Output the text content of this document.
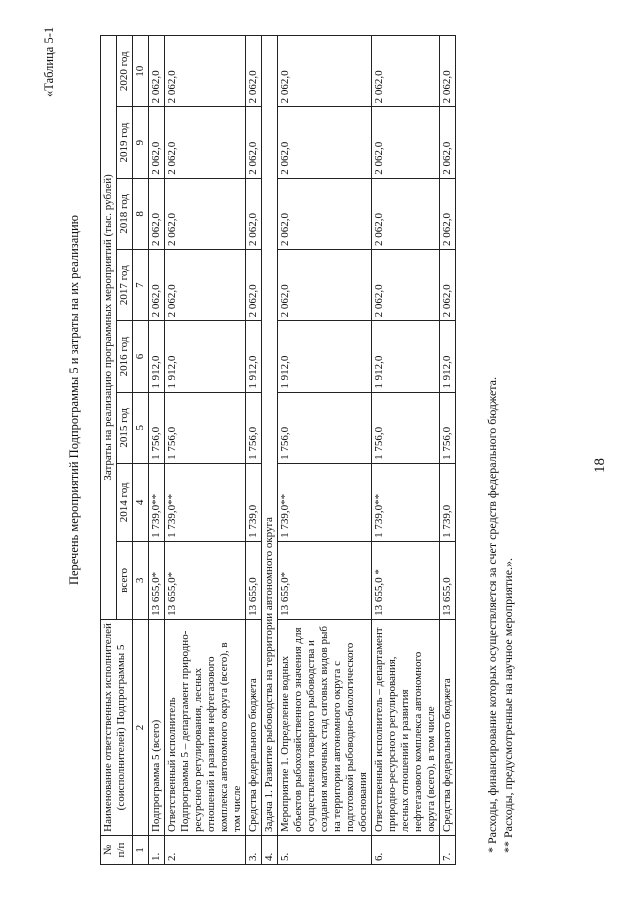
18
«Таблица 5-1
Перечень мероприятий Подпрограммы 5 и затраты на их реализацию
№ п/п	Наименование ответственных исполнителей (соисполнителей) Подпрограммы 5	Затраты на реализацию программных мероприятий (тыс. рублей)							
		всего	2014 год	2015 год	2016 год	2017 год	2018 год	2019 год	2020 год
1	2	3	4	5	6	7	8	9	10
1.	Подпрограмма 5 (всего)	13 655,0*	1 739,0**	1 756,0	1 912,0	2 062,0	2 062,0	2 062,0	2 062,0
2.	Ответственный исполнитель Подпрограммы 5 – департамент природно-ресурсного регулирования, лесных отношений и развития нефтегазового комплекса автономного округа (всего), в том числе	13 655,0*	1 739,0**	1 756,0	1 912,0	2 062,0	2 062,0	2 062,0	2 062,0
3.	Средства федерального бюджета	13 655,0	1 739,0	1 756,0	1 912,0	2 062,0	2 062,0	2 062,0	2 062,0
4.	Задача 1. Развитие рыбоводства на территории автономного округа								
5.	Мероприятие 1. Определение водных объектов рыбохозяйственного значения для осуществления товарного рыбоводства и создания маточных стад сиговых видов рыб на территории автономного округа с подготовкой рыбоводно-биологического обоснования	13 655,0*	1 739,0**	1 756,0	1 912,0	2 062,0	2 062,0	2 062,0	2 062,0
6.	Ответственный исполнитель – департамент природно-ресурсного регулирования, лесных отношений и развития нефтегазового комплекса автономного округа (всего), в том числе	13 655,0 *	1 739,0**	1 756,0	1 912,0	2 062,0	2 062,0	2 062,0	2 062,0
7.	Средства федерального бюджета	13 655,0	1 739,0	1 756,0	1 912,0	2 062,0	2 062,0	2 062,0	2 062,0
* Расходы, финансирование которых осуществляется за счет средств федерального бюджета. ** Расходы, предусмотренные на научное мероприятие.».
